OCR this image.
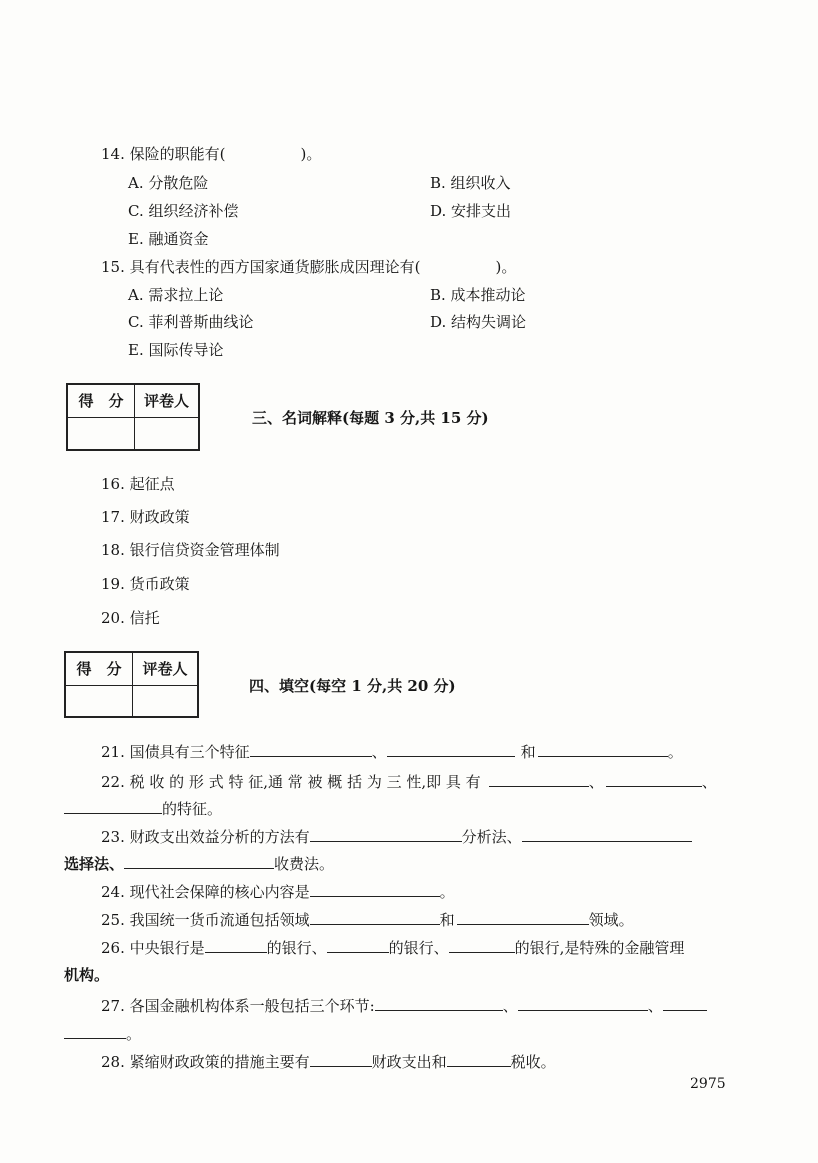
14. 保险的职能有(　　　　　)。
A. 分散危险	B. 组织收入
C. 组织经济补偿	D. 安排支出
E. 融通资金
15. 具有代表性的西方国家通货膨胀成因理论有(　　　　　)。
A. 需求拉上论	B. 成本推动论
C. 菲利普斯曲线论	D. 结构失调论
E. 国际传导论
得　分	评卷人

三、名词解释(每题 3 分,共 15 分)
16. 起征点
17. 财政政策
18. 银行信贷资金管理体制
19. 货币政策
20. 信托
得　分	评卷人

四、填空(每空 1 分,共 20 分)
21. 国债具有三个特征	、	和	。
22. 税 收 的 形 式 特 征,通 常 被 概 括 为 三 性,即 具 有	、	、
的特征。
23. 财政支出效益分析的方法有	分析法、
选择法、	收费法。
24. 现代社会保障的核心内容是	。
25. 我国统一货币流通包括领域	和	领域。
26. 中央银行是	的银行、	的银行、	的银行,是特殊的金融管理
机构。
27. 各国金融机构体系一般包括三个环节:	、	、
。
28. 紧缩财政政策的措施主要有	财政支出和	税收。
2975
